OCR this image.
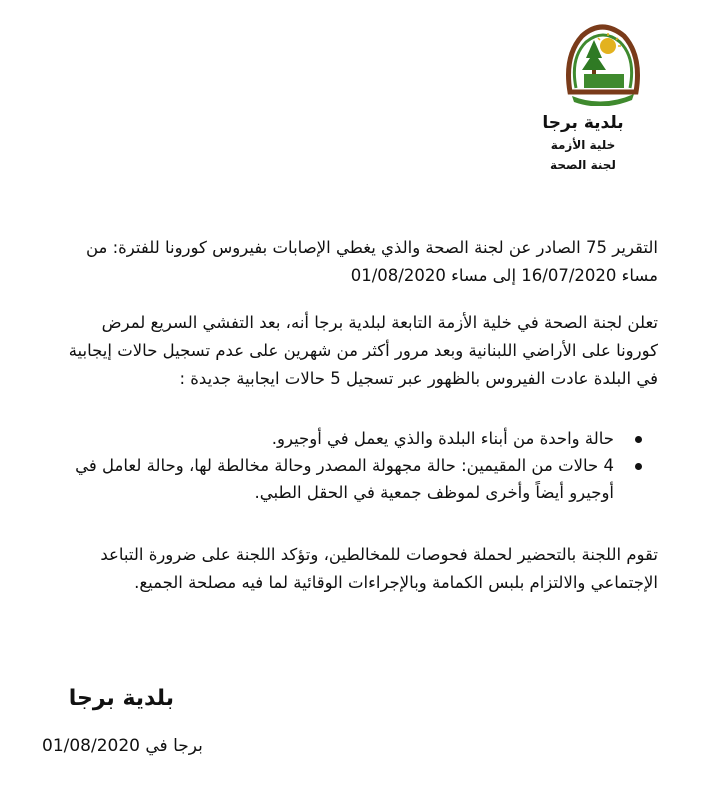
بلدية برجا
خلية الأزمة
لجنة الصحة
التقرير 75 الصادر عن لجنة الصحة والذي يغطي الإصابات بفيروس كورونا للفترة: من
مساء 16/07/2020 إلى مساء 01/08/2020
تعلن لجنة الصحة في خلية الأزمة التابعة لبلدية برجا أنه، بعد التفشي السريع لمرض
كورونا على الأراضي اللبنانية وبعد مرور أكثر من شهرين على عدم تسجيل حالات إيجابية
في البلدة عادت الفيروس بالظهور عبر تسجيل 5 حالات ايجابية جديدة :
حالة واحدة من أبناء البلدة والذي يعمل في أوجيرو.
4 حالات من المقيمين: حالة مجهولة المصدر وحالة مخالطة لها، وحالة لعامل في
أوجيرو أيضاً وأخرى لموظف جمعية في الحقل الطبي.
تقوم اللجنة بالتحضير لحملة فحوصات للمخالطين، وتؤكد اللجنة على ضرورة التباعد
الإجتماعي والالتزام بلبس الكمامة وبالإجراءات الوقائية لما فيه مصلحة الجميع.
بلدية برجا
برجا في 01/08/2020
